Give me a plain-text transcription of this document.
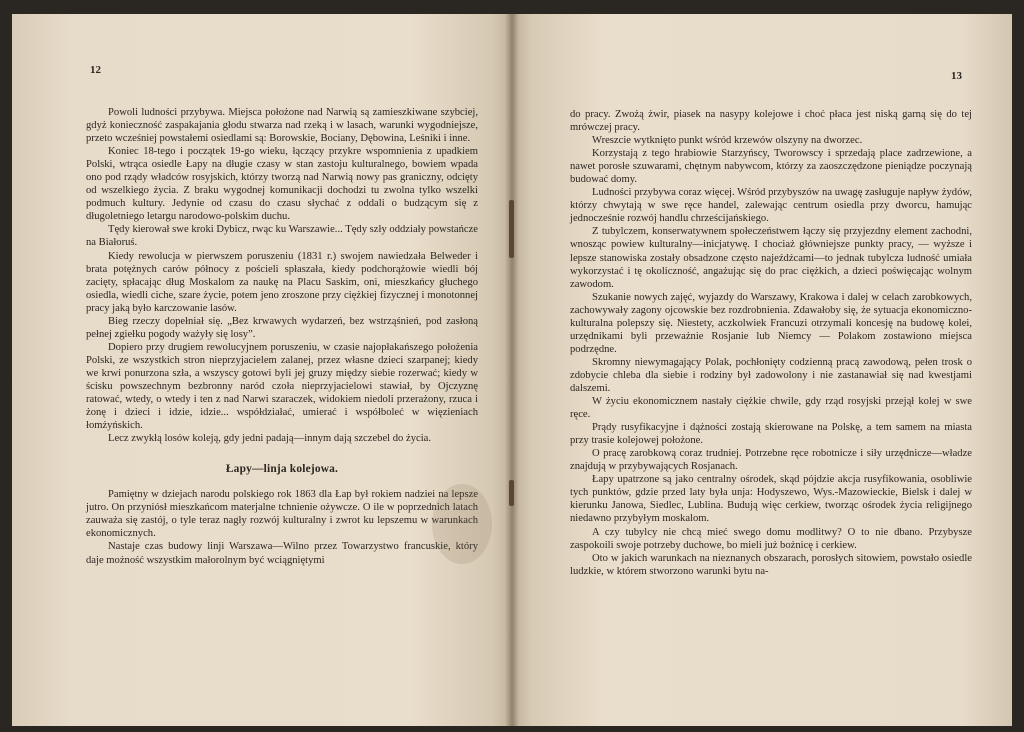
12

Powoli ludności przybywa. Miejsca położone nad Narwią są zamieszkiwane szybciej, gdyż konieczność zaspakajania głodu stwarza nad rzeką i w lasach, warunki wygodniejsze, przeto wcześniej powstałemi osiedlami są: Borowskie, Bociany, Dębowina, Leśniki i inne.

Koniec 18-tego i początek 19-go wieku, łączący przykre wspomnienia z upadkiem Polski, wtrąca osiedle Łapy na długie czasy w stan zastoju kulturalnego, bowiem wpada ono pod rządy władców rosyjskich, którzy tworzą nad Narwią nowy pas graniczny, odcięty od wszelkiego życia. Z braku wygodnej komunikacji dochodzi tu zwolna tylko wszelki podmuch kultury. Jedynie od czasu do czasu słychać z oddali o budzącym się z długoletniego letargu narodowo-polskim duchu.

Tędy kierował swe kroki Dybicz, rwąc ku Warszawie... Tędy szły oddziały powstańcze na Białoruś.

Kiedy rewolucja w pierwszem poruszeniu (1831 r.) swojem nawiedzała Belweder i brata potężnych carów północy z pościeli spłaszała, kiedy podchorążowie wiedli bój zacięty, spłacając dług Moskalom za naukę na Placu Saskim, oni, mieszkańcy głuchego osiedla, wiedli ciche, szare życie, potem jeno zroszone przy ciężkiej fizycznej i monotonnej pracy jaką było karczowanie lasów.

Bieg rzeczy dopełniał się. „Bez krwawych wydarzeń, bez wstrząśnień, pod zasłoną pełnej zgiełku pogody ważyły się losy”.

Dopiero przy drugiem rewolucyjnem poruszeniu, w czasie najopłakańszego położenia Polski, ze wszystkich stron nieprzyjacielem zalanej, przez własne dzieci szarpanej; kiedy we krwi ponurzona szła, a wszyscy gotowi byli jej gruzy między siebie rozerwać; kiedy w ścisku powszechnym bezbronny naród czoła nieprzyjacielowi stawiał, by Ojczyznę ratować, wtedy, o wtedy i ten z nad Narwi szaraczek, widokiem niedoli przerażony, rzuca i żonę i dzieci i idzie, idzie... współdziałać, umierać i współboleć w więzieniach łomżyńskich.

Lecz zwykłą losów koleją, gdy jedni padają—innym dają szczebel do życia.

Łapy—linja kolejowa.

Pamiętny w dziejach narodu polskiego rok 1863 dla Łap był rokiem nadziei na lepsze jutro. On przyniósł mieszkańcom materjalne tchnienie ożywcze. O ile w poprzednich latach zauważa się zastój, o tyle teraz nagły rozwój kulturalny i zwrot ku lepszemu w warunkach ekonomicznych.

Nastaje czas budowy linji Warszawa—Wilno przez Towarzystwo francuskie, który daje możność wszystkim małorolnym być wciągniętymi

13

do pracy. Zwożą żwir, piasek na nasypy kolejowe i choć płaca jest niską garną się do tej mrówczej pracy.

Wreszcie wytknięto punkt wśród krzewów olszyny na dworzec.

Korzystają z tego hrabiowie Starzyńscy, Tworowscy i sprzedają place zadrzewione, a nawet porosłe szuwarami, chętnym nabywcom, którzy za zaoszczędzone pieniądze poczynają budować domy.

Ludności przybywa coraz więcej. Wśród przybyszów na uwagę zasługuje napływ żydów, którzy chwytają w swe ręce handel, zalewając centrum osiedla przy dworcu, hamując jednocześnie rozwój handlu chrześcijańskiego.

Z tubylczem, konserwatywnem społeczeństwem łączy się przyjezdny element zachodni, wnosząc powiew kulturalny—inicjatywę. I chociaż główniejsze punkty pracy, — wyższe i lepsze stanowiska zostały obsadzone często najeźdźcami—to jednak tubylcza ludność umiała wykorzystać i tę okoliczność, angażując się do prac ciężkich, a dzieci poświęcając wolnym zawodom.

Szukanie nowych zajęć, wyjazdy do Warszawy, Krakowa i dalej w celach zarobkowych, zachowywały zagony ojcowskie bez rozdrobnienia. Zdawałoby się, że sytuacja ekonomiczno-kulturalna polepszy się. Niestety, aczkolwiek Francuzi otrzymali koncesję na budowę kolei, urzędnikami byli przeważnie Rosjanie lub Niemcy — Polakom zostawiono miejsca podrzędne.

Skromny niewymagający Polak, pochłonięty codzienną pracą zawodową, pełen trosk o zdobycie chleba dla siebie i rodziny był zadowolony i nie zastanawiał się nad kwestjami dalszemi.

W życiu ekonomicznem nastały ciężkie chwile, gdy rząd rosyjski przejął kolej w swe ręce.

Prądy rusyfikacyjne i dążności zostają skierowane na Polskę, a tem samem na miasta przy trasie kolejowej położone.

O pracę zarobkową coraz trudniej. Potrzebne ręce robotnicze i siły urzędnicze—władze znajdują w przybywających Rosjanach.

Łapy upatrzone są jako centralny ośrodek, skąd pójdzie akcja rusyfikowania, osobliwie tych punktów, gdzie przed laty była unja: Hodyszewo, Wys.-Mazowieckie, Bielsk i dalej w kierunku Janowa, Siedlec, Lublina. Budują więc cerkiew, tworząc ośrodek życia religijnego niedawno przybyłym moskalom.

A czy tubylcy nie chcą mieć swego domu modlitwy? O to nie dbano. Przybysze zaspokoili swoje potrzeby duchowe, bo mieli już bożnicę i cerkiew.

Oto w jakich warunkach na nieznanych obszarach, porosłych sitowiem, powstało osiedle ludzkie, w którem stworzono warunki bytu na-
